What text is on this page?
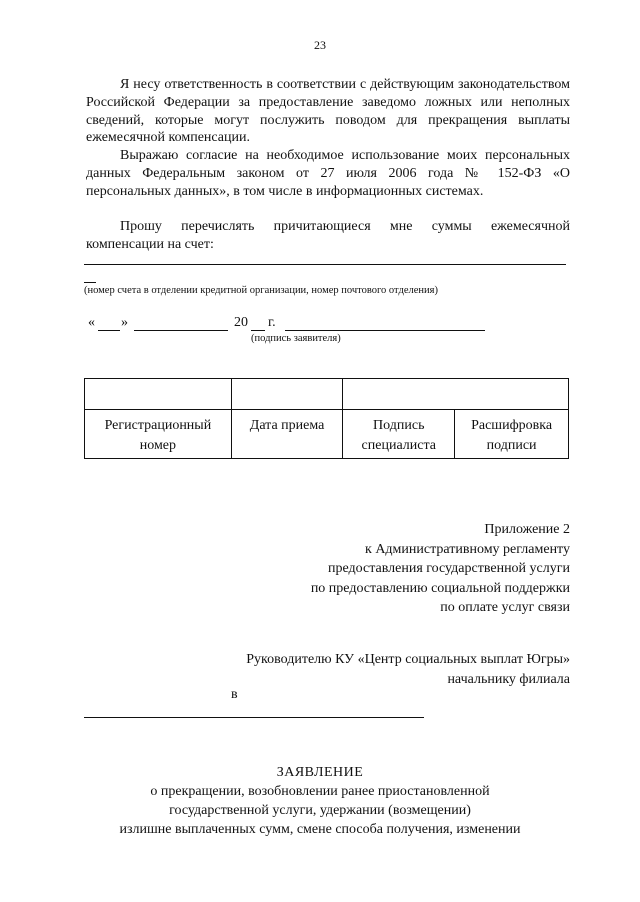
23

Я несу ответственность в соответствии с действующим законодательством Российской Федерации за предоставление заведомо ложных или неполных сведений, которые могут послужить поводом для прекращения выплаты ежемесячной компенсации.

Выражаю согласие на необходимое использование моих персональных данных Федеральным законом от 27 июля 2006 года № 152-ФЗ «О персональных данных», в том числе в информационных системах.

Прошу перечислять причитающиеся мне суммы ежемесячной компенсации на счет:

(номер счета в отделении кредитной организации, номер почтового отделения)
« »	20 г.
(подпись заявителя)

Регистрационный номер	Дата приема	Подпись специалиста	Расшифровка подписи
Приложение 2
к Административному регламенту
предоставления государственной услуги
по предоставлению социальной поддержки
по оплате услуг связи
Руководителю КУ «Центр социальных выплат Югры»
начальнику филиала
в
ЗАЯВЛЕНИЕ
о прекращении, возобновлении ранее приостановленной
государственной услуги, удержании (возмещении)
излишне выплаченных сумм, смене способа получения, изменении
